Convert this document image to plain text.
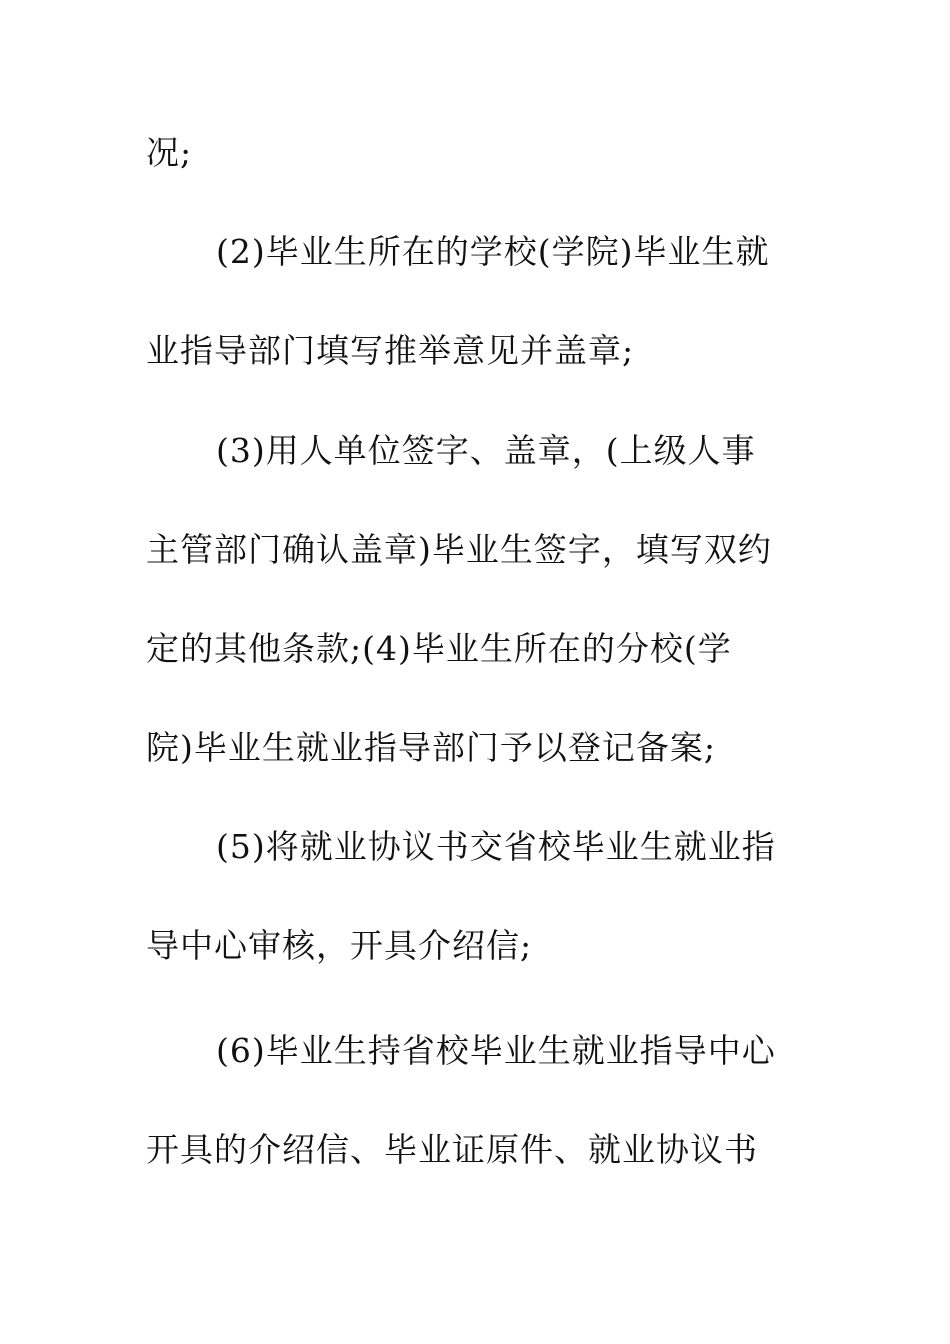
况;
(2)毕业生所在的学校(学院)毕业生就
业指导部门填写推举意见并盖章;
(3)用人单位签字、盖章，(上级人事
主管部门确认盖章)毕业生签字，填写双约
定的其他条款;(4)毕业生所在的分校(学
院)毕业生就业指导部门予以登记备案;
(5)将就业协议书交省校毕业生就业指
导中心审核，开具介绍信;
(6)毕业生持省校毕业生就业指导中心
开具的介绍信、毕业证原件、就业协议书
